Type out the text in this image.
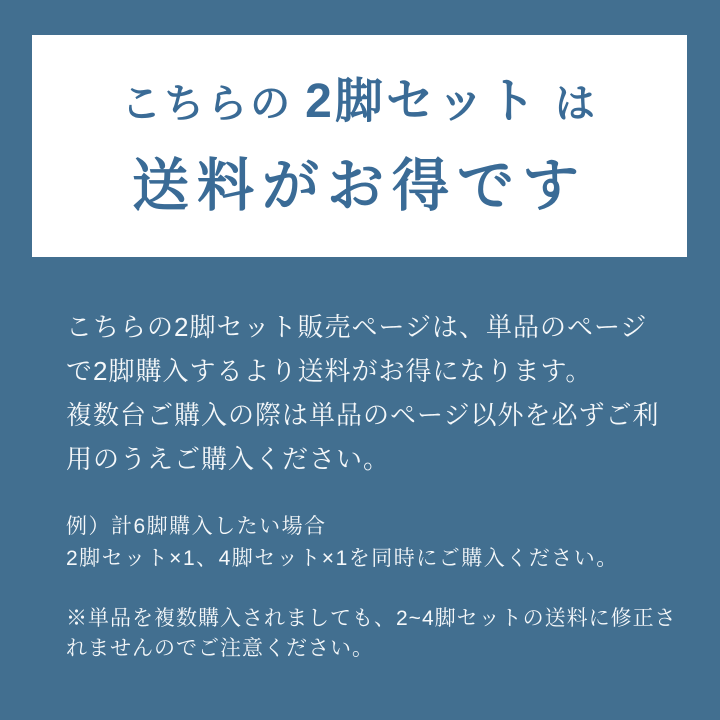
こちらの 2脚セット は
送料がお得です
こちらの2脚セット販売ページは、単品のページ
で2脚購入するより送料がお得になります。
複数台ご購入の際は単品のページ以外を必ずご利
用のうえご購入ください。
例）計6脚購入したい場合
2脚セット×1、4脚セット×1を同時にご購入ください。
※単品を複数購入されましても、2~4脚セットの送料に修正さ
れませんのでご注意ください。
